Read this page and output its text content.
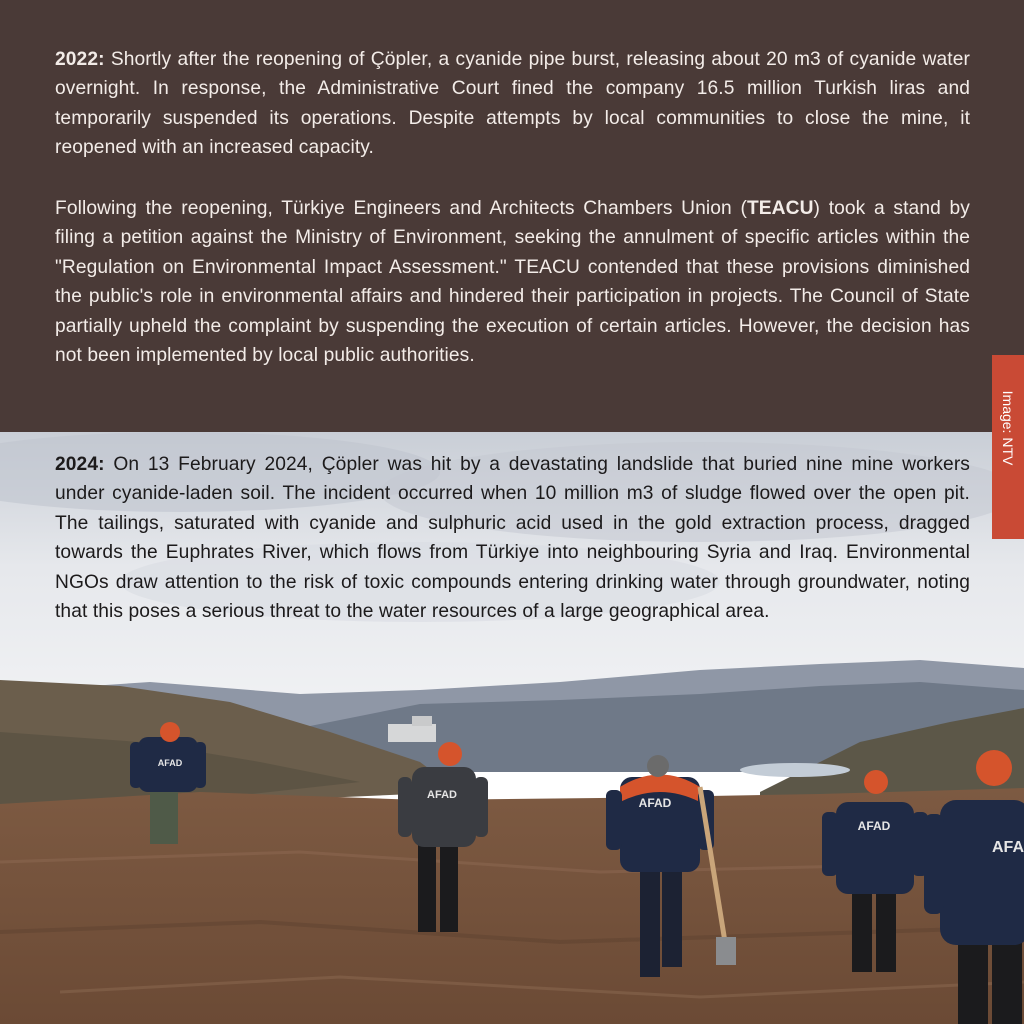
AFAD
AFAD
AFAD
AFAD
AFA

2022: Shortly after the reopening of Çöpler, a cyanide pipe burst, releasing about 20 m3 of cyanide water overnight. In response, the Administrative Court fined the company 16.5 million Turkish liras and temporarily suspended its operations. Despite attempts by local communities to close the mine, it reopened with an increased capacity.

Following the reopening, Türkiye Engineers and Architects Chambers Union (TEACU) took a stand by filing a petition against the Ministry of Environment, seeking the annulment of specific articles within the "Regulation on Environmental Impact Assessment." TEACU contended that these provisions diminished the public's role in environmental affairs and hindered their participation in projects. The Council of State partially upheld the complaint by suspending the execution of certain articles. However, the decision has not been implemented by local public authorities.

2024: On 13 February 2024, Çöpler was hit by a devastating landslide that buried nine mine workers under cyanide-laden soil. The incident occurred when 10 million m3 of sludge flowed over the open pit. The tailings, saturated with cyanide and sulphuric acid used in the gold extraction process, dragged towards the Euphrates River, which flows from Türkiye into neighbouring Syria and Iraq. Environmental NGOs draw attention to the risk of toxic compounds entering drinking water through groundwater, noting that this poses a serious threat to the water resources of a large geographical area.

Image: NTV
